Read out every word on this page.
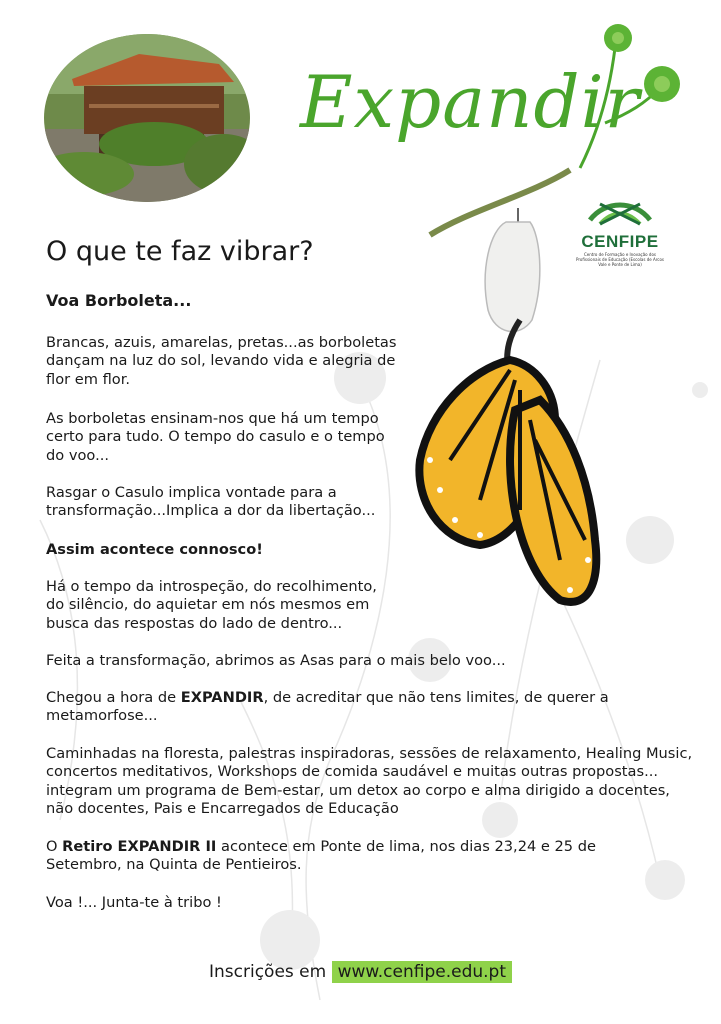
Expandir
CENFIPE
Centro de Formação e Inovação dos Profissionais de Educação (Escolas de Arcos Vale e Ponte de Lima)
O que te faz vibrar?
Voa Borboleta...

Brancas, azuis, amarelas, pretas...as borboletas dançam na luz do sol, levando vida e alegria de flor em flor.

As borboletas ensinam-nos que há um tempo certo para tudo. O tempo do casulo e o tempo do voo...

Rasgar o Casulo implica vontade para a transformação...Implica a dor da libertação...

Assim acontece connosco!

Há o tempo da introspeção, do recolhimento, do silêncio, do aquietar em nós mesmos em busca das respostas do lado de dentro...

Feita a transformação, abrimos as Asas para o mais belo voo...

Chegou a hora de EXPANDIR, de acreditar que não tens limites, de querer a metamorfose...

Caminhadas na floresta, palestras inspiradoras, sessões de relaxamento, Healing Music, concertos meditativos, Workshops de comida saudável e muitas outras propostas... integram um programa de Bem-estar, um detox ao corpo e alma dirigido a docentes, não docentes, Pais e Encarregados de Educação

O Retiro EXPANDIR II acontece em Ponte de lima, nos dias 23,24 e 25 de Setembro, na Quinta de Pentieiros.

Voa !... Junta-te à tribo !

Inscrições em www.cenfipe.edu.pt
